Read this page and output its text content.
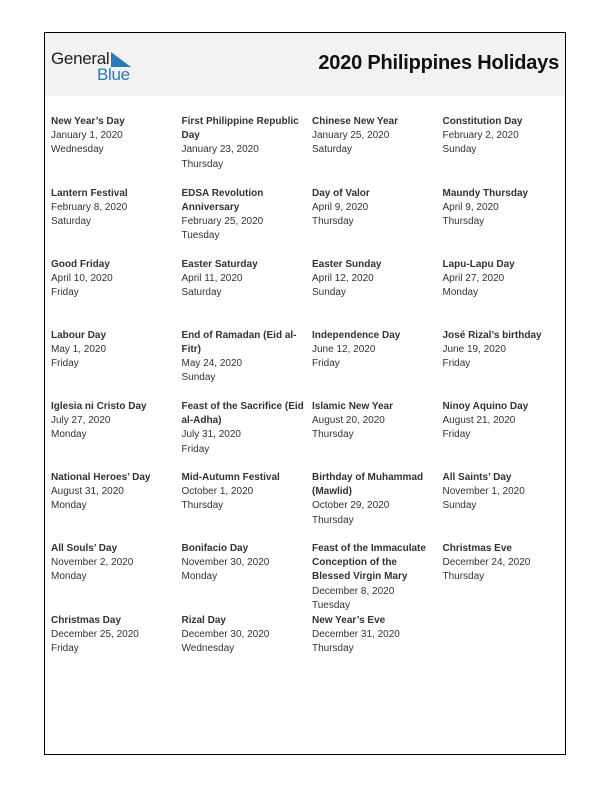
General
Blue
2020 Philippines Holidays
New Year’s Day
January 1, 2020
Wednesday
First Philippine Republic Day
January 23, 2020
Thursday
Chinese New Year
January 25, 2020
Saturday
Constitution Day
February 2, 2020
Sunday
Lantern Festival
February 8, 2020
Saturday
EDSA Revolution Anniversary
February 25, 2020
Tuesday
Day of Valor
April 9, 2020
Thursday
Maundy Thursday
April 9, 2020
Thursday
Good Friday
April 10, 2020
Friday
Easter Saturday
April 11, 2020
Saturday
Easter Sunday
April 12, 2020
Sunday
Lapu-Lapu Day
April 27, 2020
Monday
Labour Day
May 1, 2020
Friday
End of Ramadan (Eid al-Fitr)
May 24, 2020
Sunday
Independence Day
June 12, 2020
Friday
José Rizal’s birthday
June 19, 2020
Friday
Iglesia ni Cristo Day
July 27, 2020
Monday
Feast of the Sacrifice (Eid al-Adha)
July 31, 2020
Friday
Islamic New Year
August 20, 2020
Thursday
Ninoy Aquino Day
August 21, 2020
Friday
National Heroes’ Day
August 31, 2020
Monday
Mid-Autumn Festival
October 1, 2020
Thursday
Birthday of Muhammad (Mawlid)
October 29, 2020
Thursday
All Saints’ Day
November 1, 2020
Sunday
All Souls’ Day
November 2, 2020
Monday
Bonifacio Day
November 30, 2020
Monday
Feast of the Immaculate Conception of the Blessed Virgin Mary
December 8, 2020
Tuesday
Christmas Eve
December 24, 2020
Thursday
Christmas Day
December 25, 2020
Friday
Rizal Day
December 30, 2020
Wednesday
New Year’s Eve
December 31, 2020
Thursday
